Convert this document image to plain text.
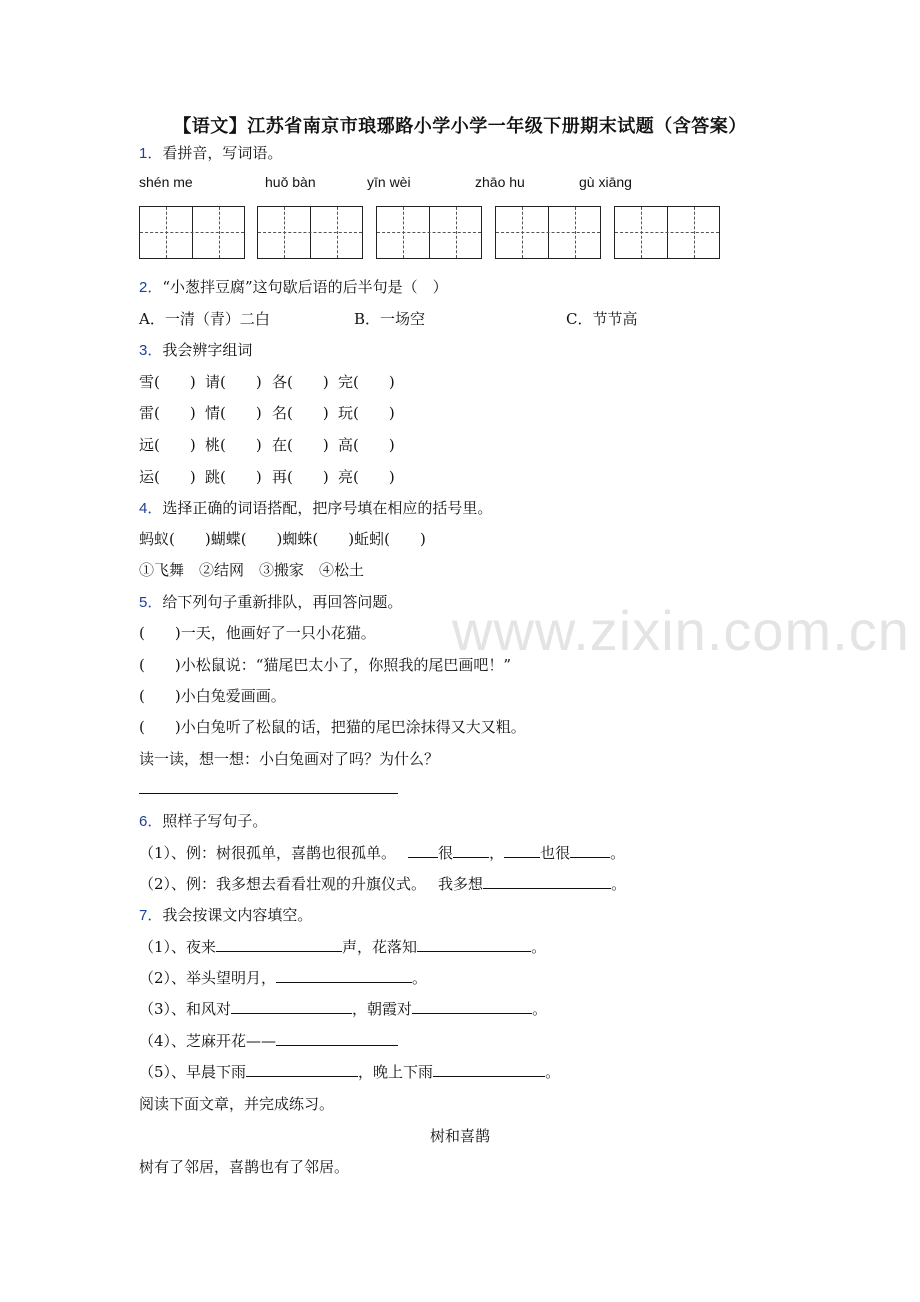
www.zixin.com.cn
【语文】江苏省南京市琅琊路小学小学一年级下册期末试题（含答案）
1．看拼音，写词语。
shén me	huǒ bàn	yīn wèi	zhāo hu	gù xiāng
2．“小葱拌豆腐”这句歇后语的后半句是（　）
A．一清（青）二白	B．一场空	C．节节高
3．我会辨字组词
雪(　　) 请(　　) 各(　　) 完(　　)
雷(　　) 情(　　) 名(　　) 玩(　　)
远(　　) 桃(　　) 在(　　) 高(　　)
运(　　) 跳(　　) 再(　　) 亮(　　)
4．选择正确的词语搭配，把序号填在相应的括号里。
蚂蚁(　　)蝴蝶(　　)蜘蛛(　　)蚯蚓(　　)
①飞舞　②结网　③搬家　④松土
5．给下列句子重新排队，再回答问题。
(　　)一天，他画好了一只小花猫。
(　　)小松鼠说：“猫尾巴太小了，你照我的尾巴画吧！”
(　　)小白兔爱画画。
(　　)小白兔听了松鼠的话，把猫的尾巴涂抹得又大又粗。
读一读，想一想：小白兔画对了吗？为什么？
6．照样子写句子。
（1）、例：树很孤单，喜鹊也很孤单。	很 ， 也很	。
（2）、例：我多想去看看壮观的升旗仪式。 我多想	。
7．我会按课文内容填空。
（1）、夜来	声，花落知	。
（2）、举头望明月，	。
（3）、和风对	，朝霞对	。
（4）、芝麻开花——
（5）、早晨下雨	，晚上下雨	。
阅读下面文章，并完成练习。
树和喜鹊
树有了邻居，喜鹊也有了邻居。
